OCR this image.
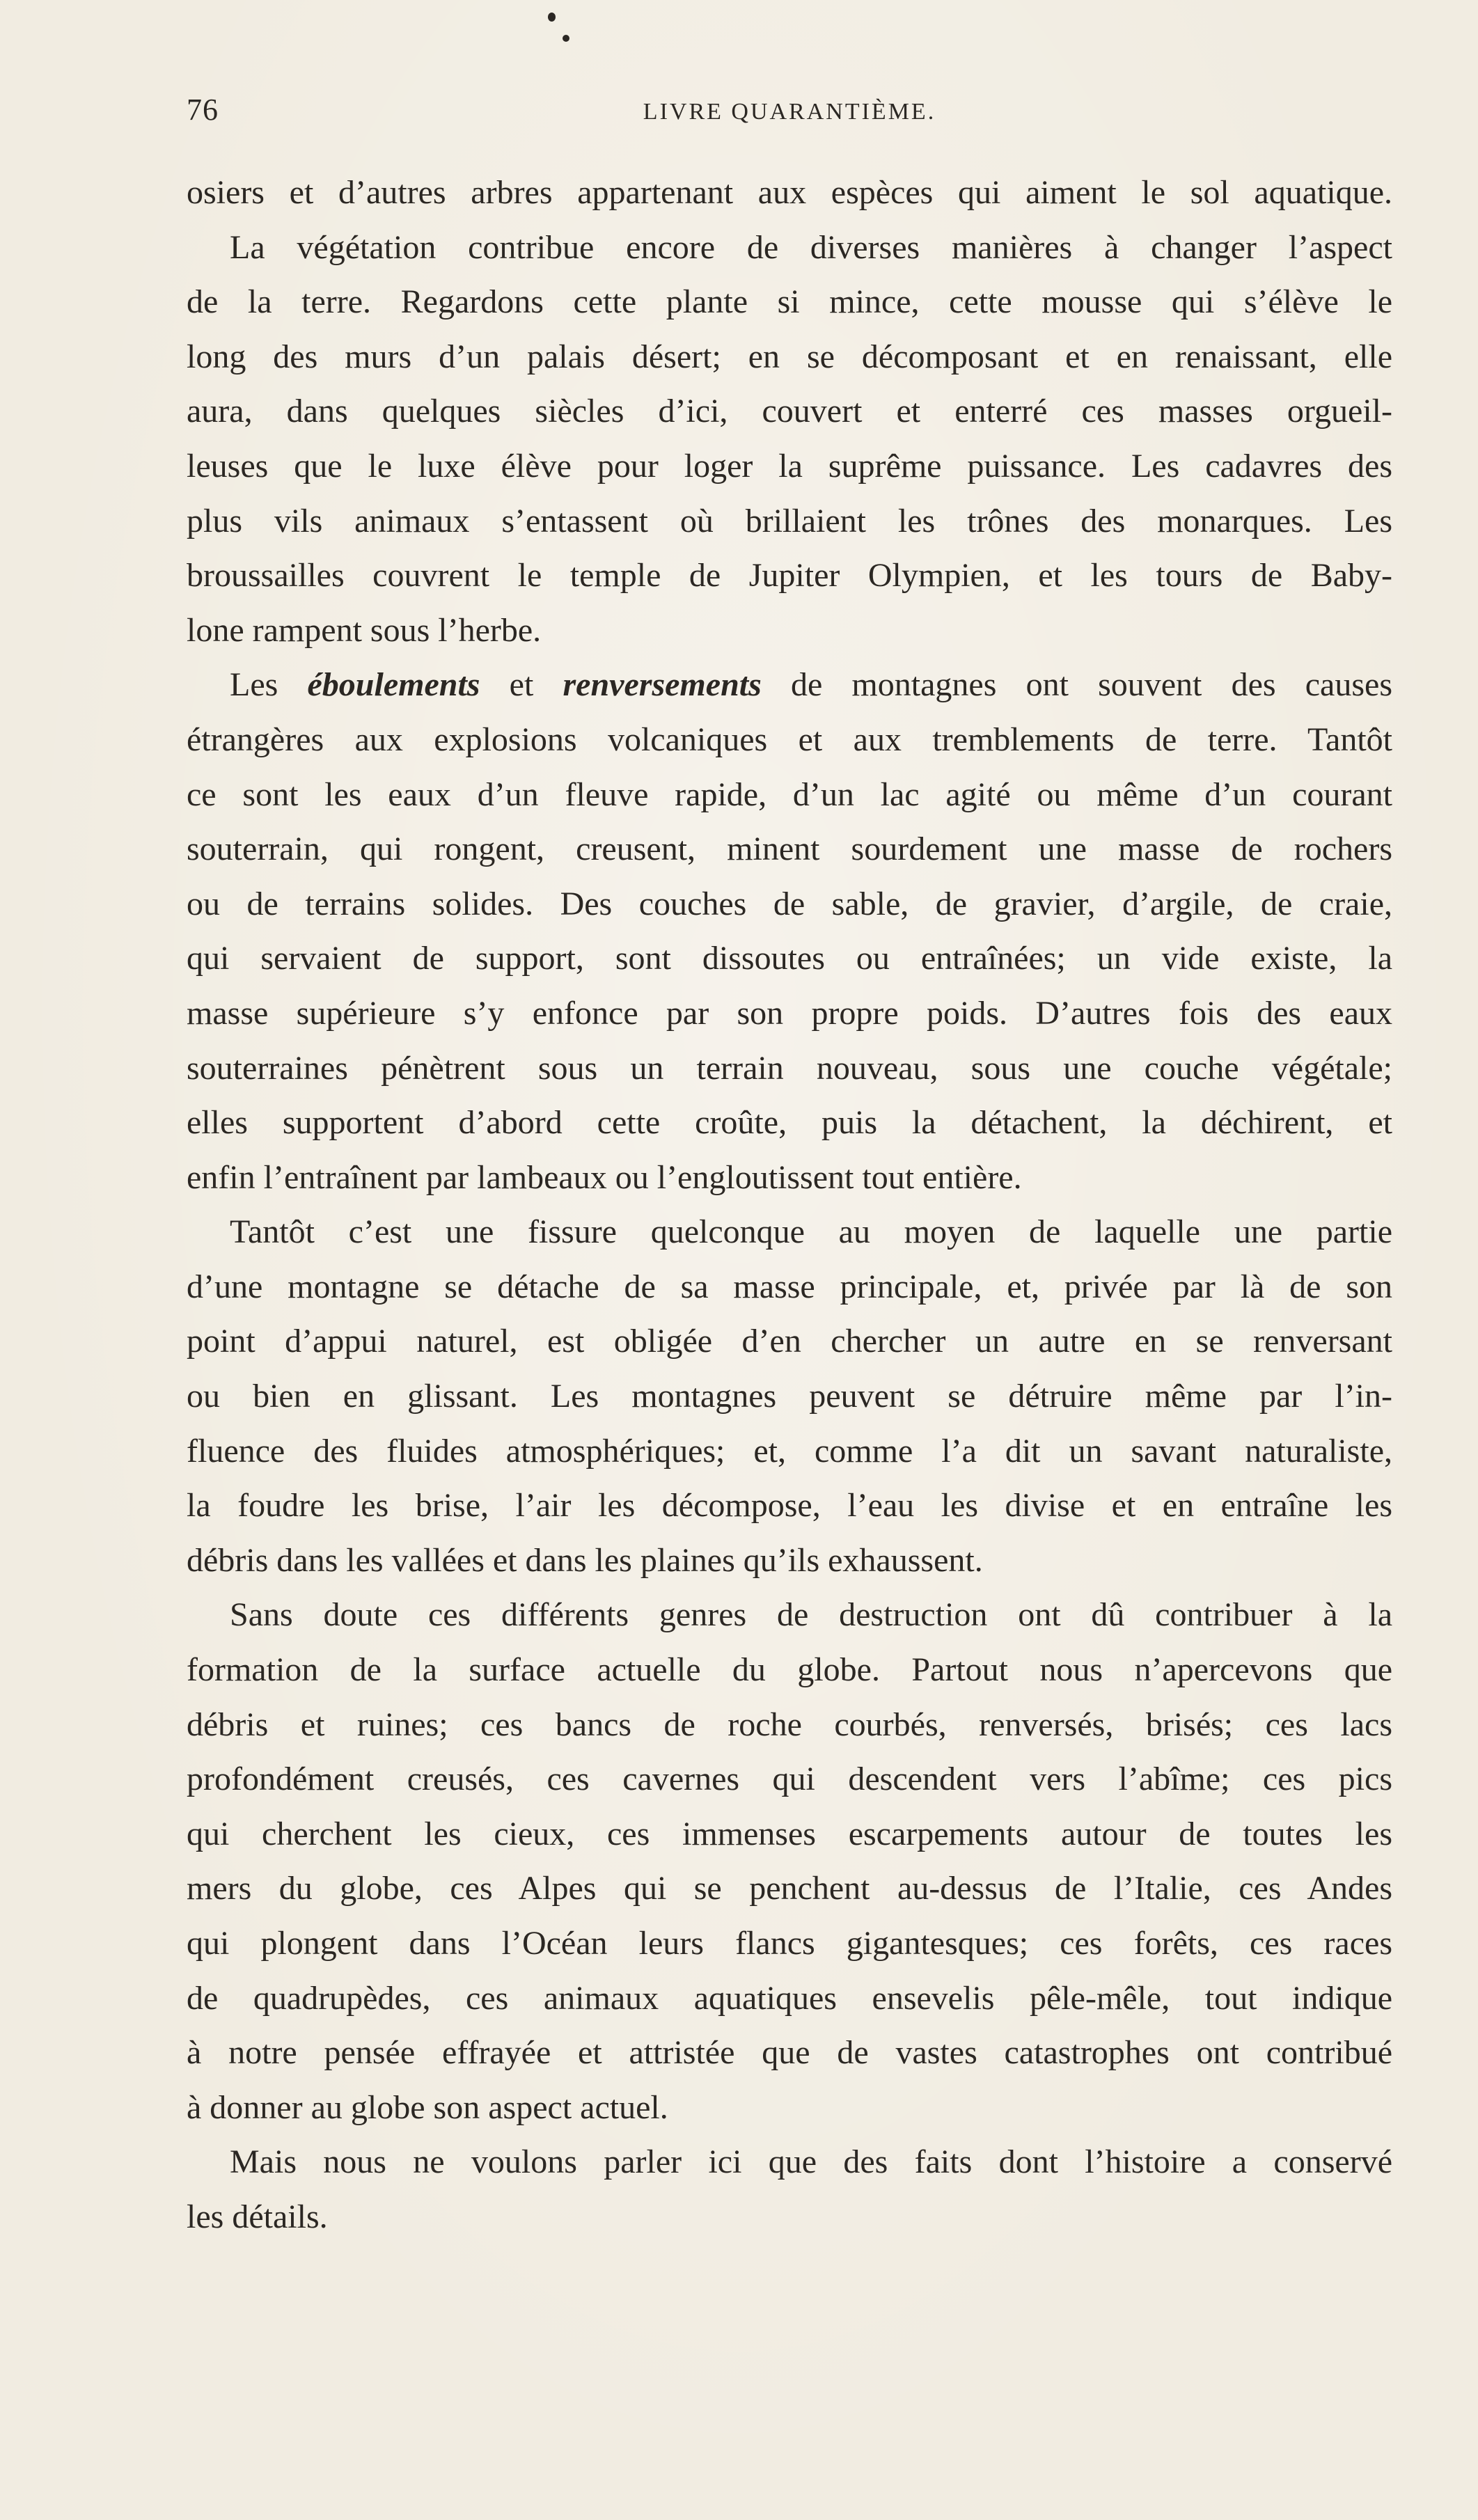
76	LIVRE QUARANTIÈME.
osiers et d’autres arbres appartenant aux espèces qui aiment le sol aquatique.
La végétation contribue encore de diverses manières à changer l’aspect
de la terre. Regardons cette plante si mince, cette mousse qui s’élève le
long des murs d’un palais désert; en se décomposant et en renaissant, elle
aura, dans quelques siècles d’ici, couvert et enterré ces masses orgueil-
leuses que le luxe élève pour loger la suprême puissance. Les cadavres des
plus vils animaux s’entassent où brillaient les trônes des monarques. Les
broussailles couvrent le temple de Jupiter Olympien, et les tours de Baby-
lone rampent sous l’herbe.
Les éboulements et renversements de montagnes ont souvent des causes
étrangères aux explosions volcaniques et aux tremblements de terre. Tantôt
ce sont les eaux d’un fleuve rapide, d’un lac agité ou même d’un courant
souterrain, qui rongent, creusent, minent sourdement une masse de rochers
ou de terrains solides. Des couches de sable, de gravier, d’argile, de craie,
qui servaient de support, sont dissoutes ou entraînées; un vide existe, la
masse supérieure s’y enfonce par son propre poids. D’autres fois des eaux
souterraines pénètrent sous un terrain nouveau, sous une couche végétale;
elles supportent d’abord cette croûte, puis la détachent, la déchirent, et
enfin l’entraînent par lambeaux ou l’engloutissent tout entière.
Tantôt c’est une fissure quelconque au moyen de laquelle une partie
d’une montagne se détache de sa masse principale, et, privée par là de son
point d’appui naturel, est obligée d’en chercher un autre en se renversant
ou bien en glissant. Les montagnes peuvent se détruire même par l’in-
fluence des fluides atmosphériques; et, comme l’a dit un savant naturaliste,
la foudre les brise, l’air les décompose, l’eau les divise et en entraîne les
débris dans les vallées et dans les plaines qu’ils exhaussent.
Sans doute ces différents genres de destruction ont dû contribuer à la
formation de la surface actuelle du globe. Partout nous n’apercevons que
débris et ruines; ces bancs de roche courbés, renversés, brisés; ces lacs
profondément creusés, ces cavernes qui descendent vers l’abîme; ces pics
qui cherchent les cieux, ces immenses escarpements autour de toutes les
mers du globe, ces Alpes qui se penchent au-dessus de l’Italie, ces Andes
qui plongent dans l’Océan leurs flancs gigantesques; ces forêts, ces races
de quadrupèdes, ces animaux aquatiques ensevelis pêle-mêle, tout indique
à notre pensée effrayée et attristée que de vastes catastrophes ont contribué
à donner au globe son aspect actuel.
Mais nous ne voulons parler ici que des faits dont l’histoire a conservé
les détails.
